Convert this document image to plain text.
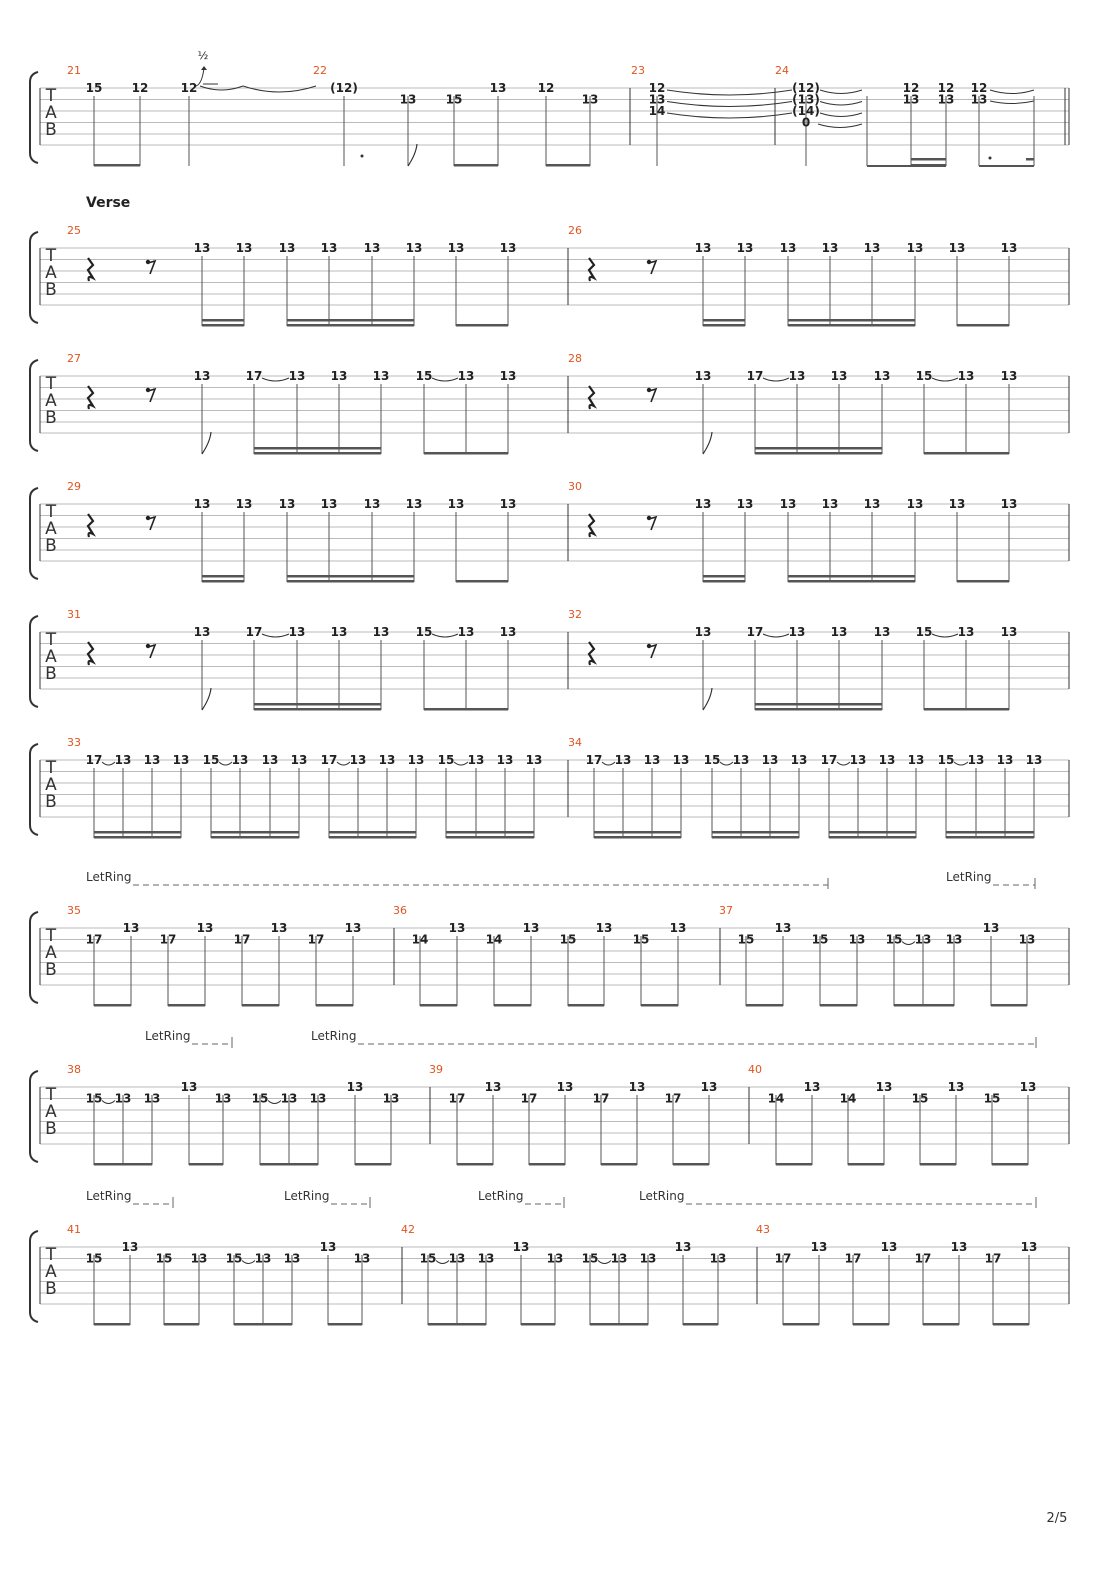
T
A
B
21
15 12	12
22
(12)
13 15
13	12
13
23
12
13
14
24
(12)
(13)
(14)
0
12
13
12
13
12
13
T
A
B
25
13 13 13 13 13 13 13	13
26
13 13 13 13 13 13 13	13
T
A
B
27
13	17 13 13 13 15 13 13
28
13	17 13 13 13 15 13 13
T
A
B
29
13 13 13 13 13 13 13	13
30
13 13 13 13 13 13 13	13
T
A
B
31
13	17 13 13 13 15 13 13
32
13	17 13 13 13 15 13 13
T
A
B
33
17 13 13 13 15 13 13 13 17 13 13 13 15 13 13 13
34
17 13 13 13 15 13 13 13 17 13 13 13 15 13 13 13
T
A
B
35
17
13
17
13
17
13
17
13
36
14
13
14
13
15
13
15
13
37
15
13
15 13 15 13 13
13
13
T
A
B
38
15 13 13
13
13 15 13 13
13
13
39
17
13
17
13
17
13
17
13
40
14
13
14
13
15
13
15
13
T
A
B
41
15
13
15 13 15 13 13
13
13
42
15 13 13
13
13 15 13 13
13
13
43
17
13
17
13
17
13
17
13
½
Verse
LetRing	LetRing
LetRing	LetRing
LetRing	LetRing	LetRing	LetRing
2/5
